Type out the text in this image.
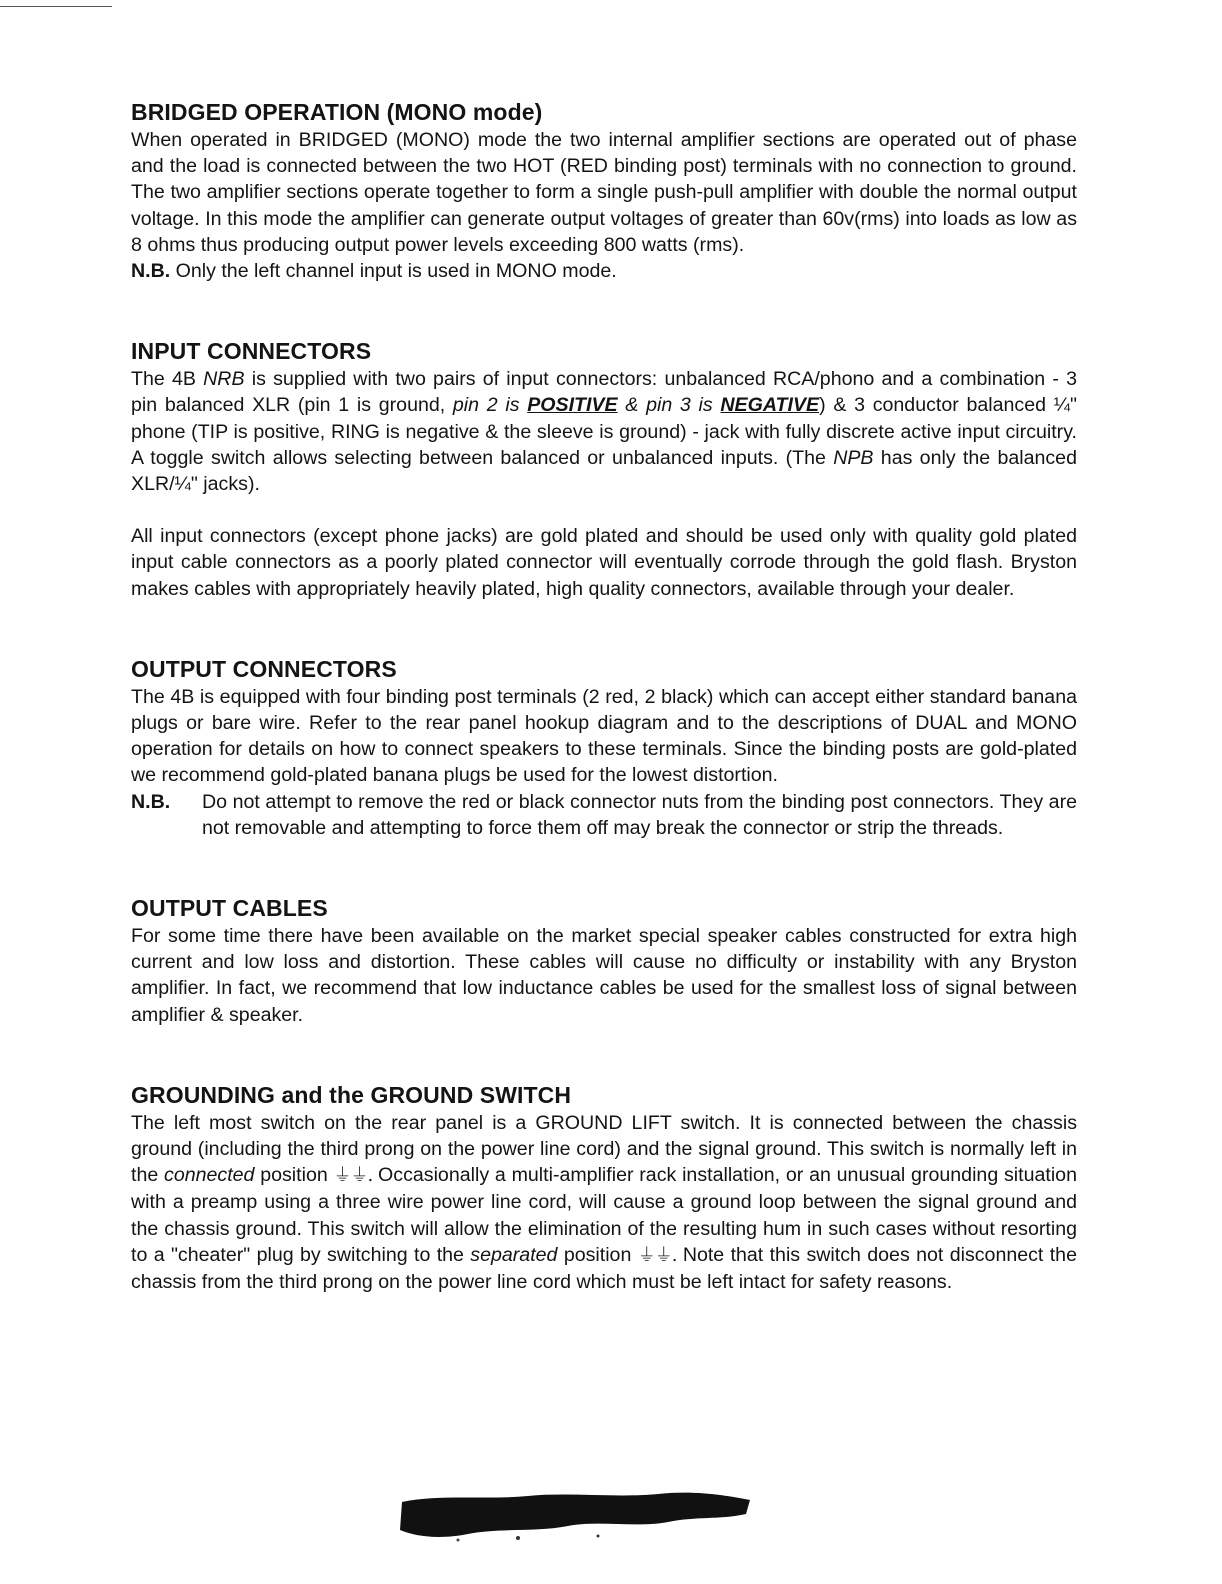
BRIDGED OPERATION (MONO mode)

When operated in BRIDGED (MONO) mode the two internal amplifier sections are operated out of phase and the load is connected between the two HOT (RED binding post) terminals with no connection to ground. The two amplifier sections operate together to form a single push-pull amplifier with double the normal output voltage. In this mode the amplifier can generate output voltages of greater than 60v(rms) into loads as low as 8 ohms thus producing output power levels exceeding 800 watts (rms).

N.B. Only the left channel input is used in MONO mode.

INPUT CONNECTORS

The 4B NRB is supplied with two pairs of input connectors: unbalanced RCA/phono and a combination - 3 pin balanced XLR (pin 1 is ground, pin 2 is POSITIVE & pin 3 is NEGATIVE) & 3 conductor balanced ¼" phone (TIP is positive, RING is negative & the sleeve is ground) - jack with fully discrete active input circuitry. A toggle switch allows selecting between balanced or unbalanced inputs. (The NPB has only the balanced XLR/¼" jacks).

All input connectors (except phone jacks) are gold plated and should be used only with quality gold plated input cable connectors as a poorly plated connector will eventually corrode through the gold flash. Bryston makes cables with appropriately heavily plated, high quality connectors, available through your dealer.

OUTPUT CONNECTORS

The 4B is equipped with four binding post terminals (2 red, 2 black) which can accept either standard banana plugs or bare wire. Refer to the rear panel hookup diagram and to the descriptions of DUAL and MONO operation for details on how to connect speakers to these terminals. Since the binding posts are gold-plated we recommend gold-plated banana plugs be used for the lowest distortion.

N.B.	Do not attempt to remove the red or black connector nuts from the binding post connectors. They are not removable and attempting to force them off may break the connector or strip the threads.
OUTPUT CABLES

For some time there have been available on the market special speaker cables constructed for extra high current and low loss and distortion. These cables will cause no difficulty or instability with any Bryston amplifier. In fact, we recommend that low inductance cables be used for the smallest loss of signal between amplifier & speaker.

GROUNDING and the GROUND SWITCH

The left most switch on the rear panel is a GROUND LIFT switch. It is connected between the chassis ground (including the third prong on the power line cord) and the signal ground. This switch is normally left in the connected position ⏚⏚. Occasionally a multi-amplifier rack installation, or an unusual grounding situation with a preamp using a three wire power line cord, will cause a ground loop between the signal ground and the chassis ground. This switch will allow the elimination of the resulting hum in such cases without resorting to a "cheater" plug by switching to the separated position ⏚⏚. Note that this switch does not disconnect the chassis from the third prong on the power line cord which must be left intact for safety reasons.
